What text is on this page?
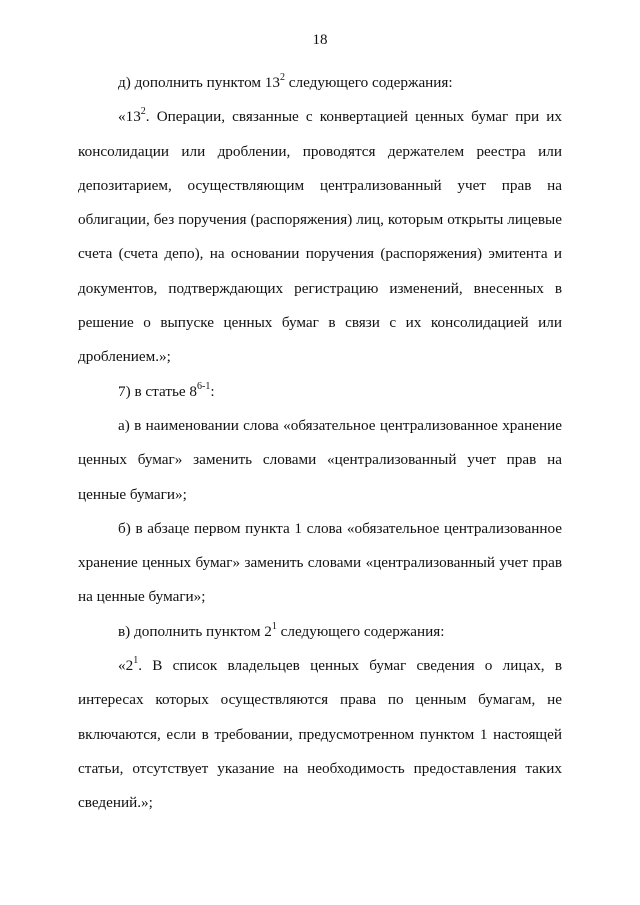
18

д) дополнить пунктом $13^2$ следующего содержания:

«$13^2$. Операции, связанные с конвертацией ценных бумаг при их консолидации или дроблении, проводятся держателем реестра или депозитарием, осуществляющим централизованный учет прав на облигации, без поручения (распоряжения) лиц, которым открыты лицевые счета (счета депо), на основании поручения (распоряжения) эмитента и документов, подтверждающих регистрацию изменений, внесенных в решение о выпуске ценных бумаг в связи с их консолидацией или дроблением.»;

7) в статье 8$^{6-1}$:

а) в наименовании слова «обязательное централизованное хранение ценных бумаг» заменить словами «централизованный учет прав на ценные бумаги»;

б) в абзаце первом пункта 1 слова «обязательное централизованное хранение ценных бумаг» заменить словами «централизованный учет прав на ценные бумаги»;

в) дополнить пунктом $2^1$ следующего содержания:

«$2^1$. В список владельцев ценных бумаг сведения о лицах, в интересах которых осуществляются права по ценным бумагам, не включаются, если в требовании, предусмотренном пунктом 1 настоящей статьи, отсутствует указание на необходимость предоставления таких сведений.»;
